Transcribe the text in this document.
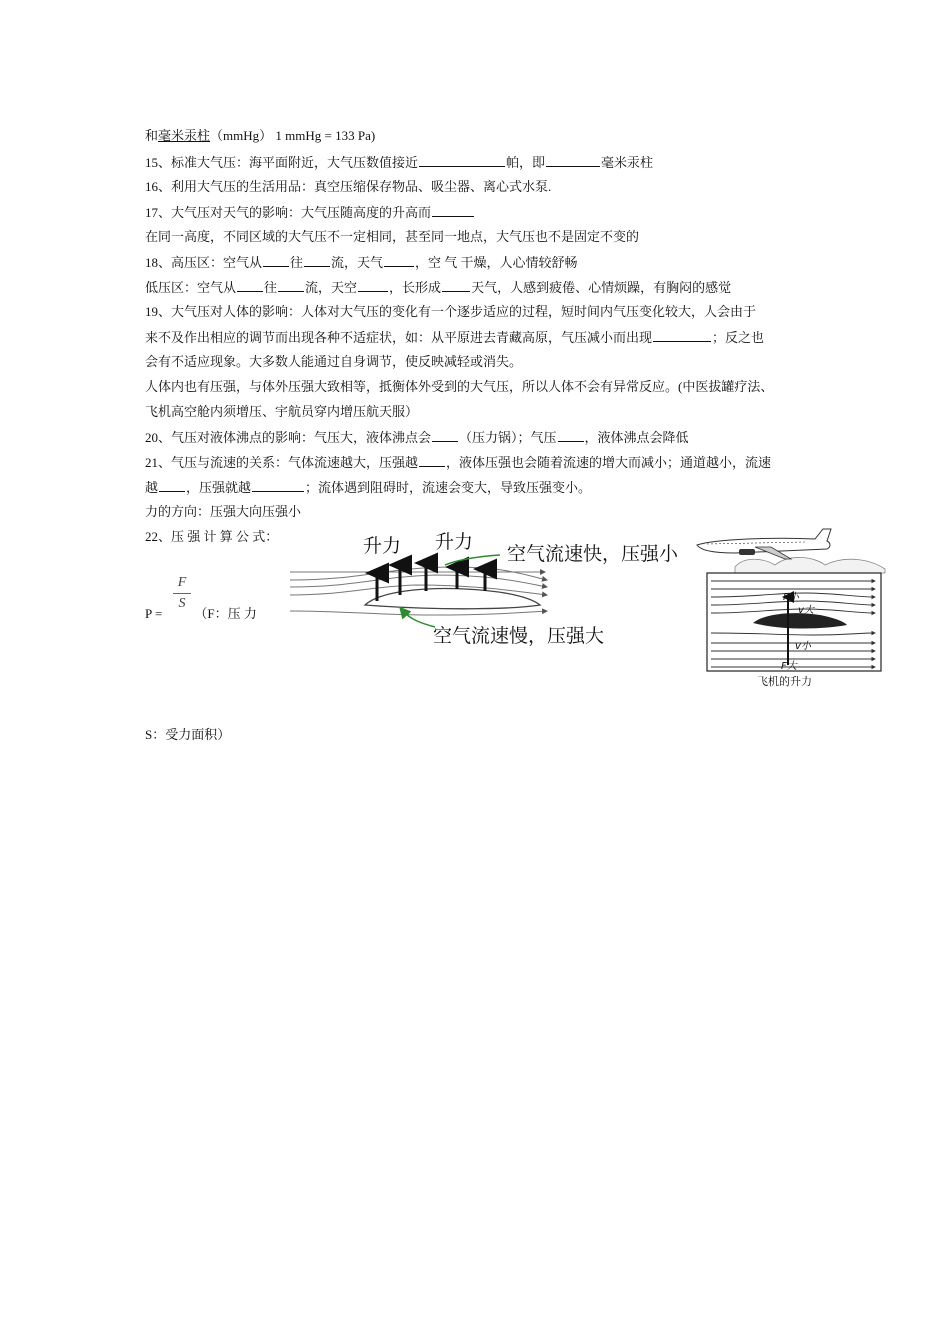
和毫米汞柱（mmHg） 1 mmHg = 133 Pa)
15、标准大气压：海平面附近，大气压数值接近	帕，即	毫米汞柱
16、利用大气压的生活用品：真空压缩保存物品、吸尘器、离心式水泵.
17、大气压对天气的影响：大气压随高度的升高而
在同一高度，不同区域的大气压不一定相同，甚至同一地点，大气压也不是固定不变的
18、高压区：空气从 往 流，天气 ，空 气 干燥，人心情较舒畅
低压区：空气从 往 流，天空 ，长形成 天气，人感到疲倦、心情烦躁，有胸闷的感觉
19、大气压对人体的影响：人体对大气压的变化有一个逐步适应的过程，短时间内气压变化较大，人会由于
来不及作出相应的调节而出现各种不适症状，如：从平原进去青藏高原，气压减小而出现	；反之也
会有不适应现象。大多数人能通过自身调节，使反映减轻或消失。
人体内也有压强，与体外压强大致相等，抵衡体外受到的大气压，所以人体不会有异常反应。(中医拔罐疗法、
飞机高空舱内须增压、宇航员穿内增压航天服）
20、气压对液体沸点的影响：气压大，液体沸点会 （压力锅）；气压 ，液体沸点会降低
21、气压与流速的关系：气体流速越大，压强越 ，液体压强也会随着流速的增大而减小；通道越小，流速
越 ，压强就越	；流体遇到阻碍时，流速会变大，导致压强变小。
力的方向：压强大向压强小
22、压 强 计 算 公 式：
P = （F：压 力
F
S
S：受力面积）
升力 升力
空气流速快，压强小
空气流速慢，压强大
F小
v大
v小
F大
飞机的升力
